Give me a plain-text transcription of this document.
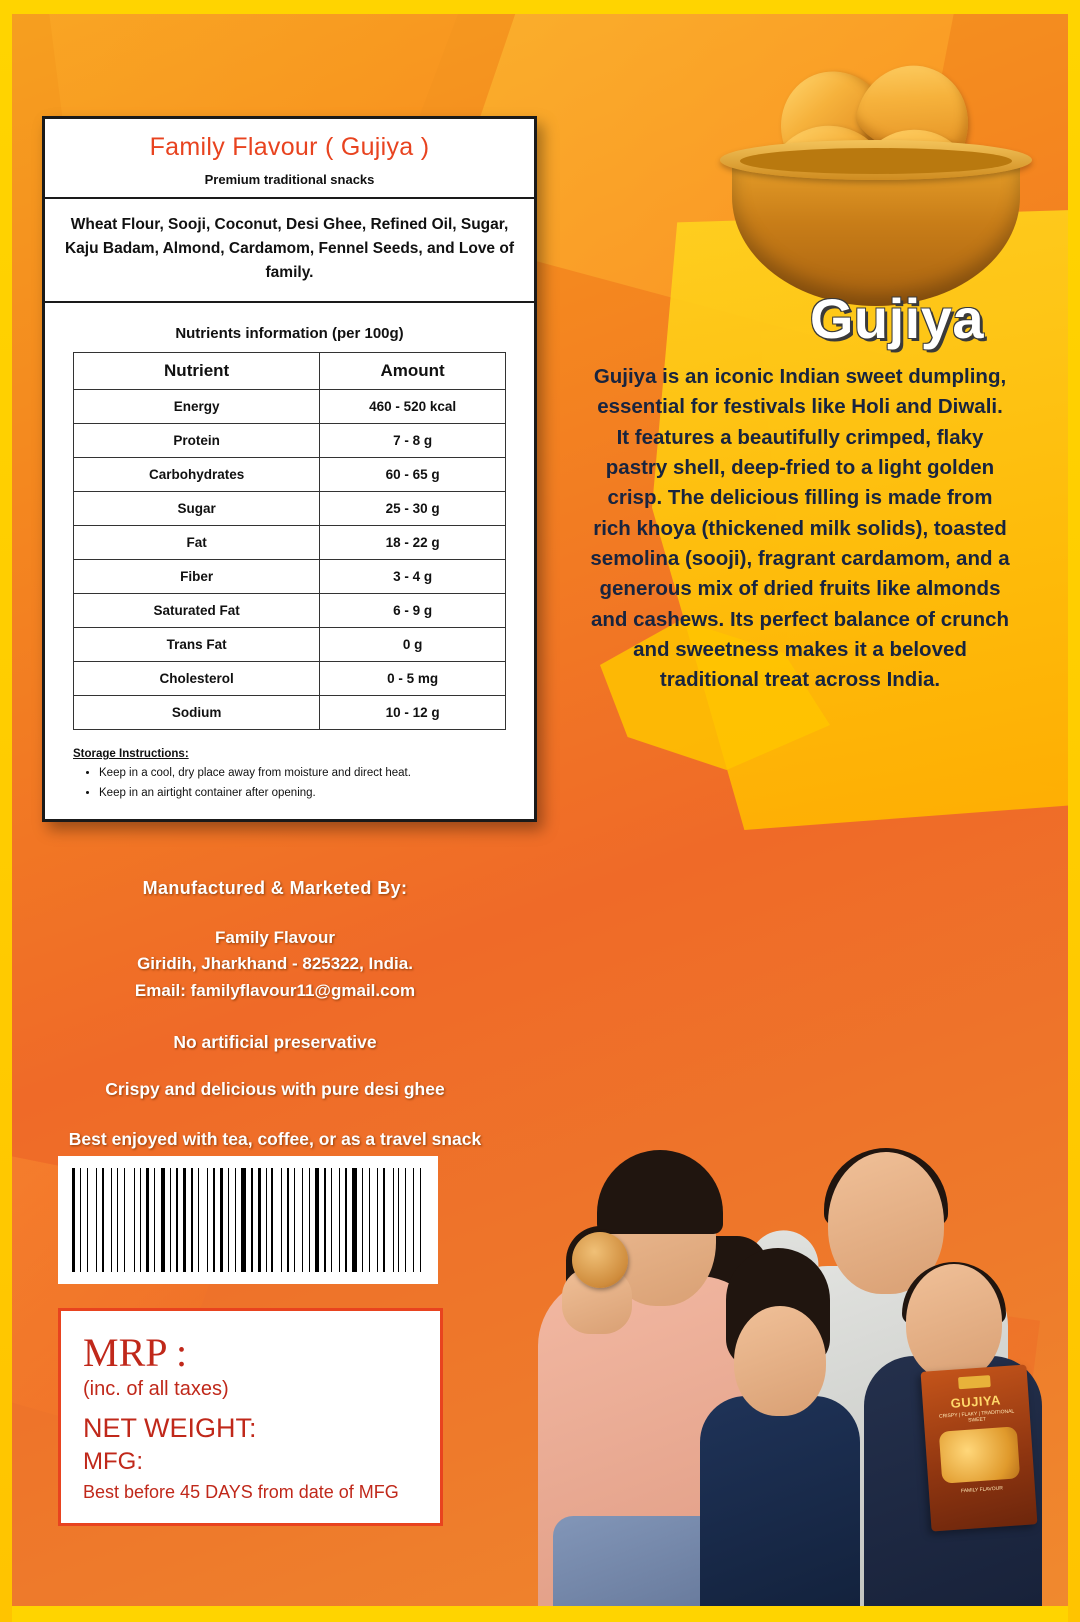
Family Flavour ( Gujiya )
Premium traditional snacks
Wheat Flour, Sooji, Coconut, Desi Ghee, Refined Oil, Sugar, Kaju Badam, Almond, Cardamom, Fennel Seeds, and Love of family.
Nutrients information (per 100g)
Nutrient	Amount
Energy	460 - 520 kcal
Protein	7 - 8 g
Carbohydrates	60 - 65 g
Sugar	25 - 30 g
Fat	18 - 22 g
Fiber	3 - 4 g
Saturated Fat	6 - 9 g
Trans Fat	0 g
Cholesterol	0 - 5 mg
Sodium	10 - 12 g
Storage Instructions:
• Keep in a cool, dry place away from moisture and direct heat.
• Keep in an airtight container after opening.
Gujiya
Gujiya is an iconic Indian sweet dumpling, essential for festivals like Holi and Diwali. It features a beautifully crimped, flaky pastry shell, deep-fried to a light golden crisp. The delicious filling is made from rich khoya (thickened milk solids), toasted semolina (sooji), fragrant cardamom, and a generous mix of dried fruits like almonds and cashews. Its perfect balance of crunch and sweetness makes it a beloved traditional treat across India.
Manufactured & Marketed By:
Family Flavour
Giridih, Jharkhand - 825322, India.
Email: familyflavour11@gmail.com
No artificial preservative
Crispy and delicious with pure desi ghee
Best enjoyed with tea, coffee, or as a travel snack
MRP :
(inc. of all taxes)
NET WEIGHT:
MFG:
Best before 45 DAYS from date of MFG
GUJIYA
CRISPY | FLAKY | TRADITIONAL SWEET
FAMILY FLAVOUR
